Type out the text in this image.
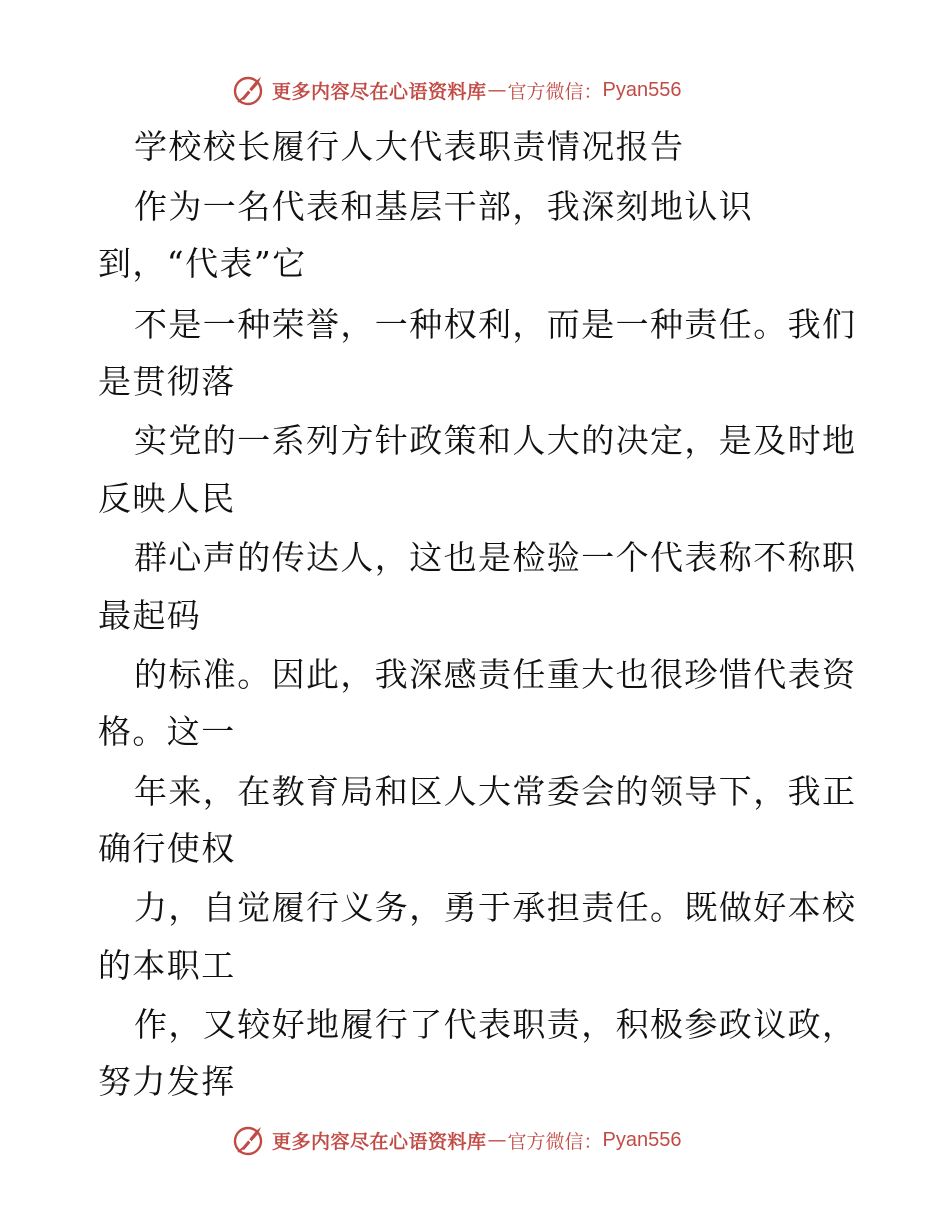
更多内容尽在心语资料库 — 官方微信： Pyan556
学校校长履行人大代表职责情况报告
作为一名代表和基层干部，我深刻地认识
到，“代表”它
不是一种荣誉，一种权利，而是一种责任。我们
是贯彻落
实党的一系列方针政策和人大的决定，是及时地
反映人民
群心声的传达人，这也是检验一个代表称不称职
最起码
的标准。因此，我深感责任重大也很珍惜代表资
格。这一
年来，在教育局和区人大常委会的领导下，我正
确行使权
力，自觉履行义务，勇于承担责任。既做好本校
的本职工
作，又较好地履行了代表职责，积极参政议政，
努力发挥
更多内容尽在心语资料库 — 官方微信： Pyan556
